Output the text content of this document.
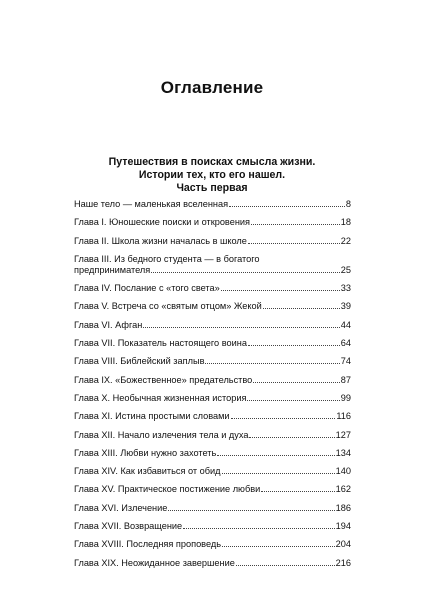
Оглавление
Путешествия в поисках смысла жизни.
Истории тех, кто его нашел.
Часть первая
Наше тело — маленькая вселенная	8
Глава I. Юношеские поиски и откровения	18
Глава II. Школа жизни началась в школе	22
Глава III. Из бедного студента — в богатого
предпринимателя	25
Глава IV. Послание с «того света»	33
Глава V. Встреча со «святым отцом» Жекой	39
Глава VI. Афган	44
Глава VII. Показатель настоящего воина	64
Глава VIII. Библейский заплыв	74
Глава IX. «Божественное» предательство	87
Глава X. Необычная жизненная история	99
Глава XI. Истина простыми словами	116
Глава XII. Начало излечения тела и духа	127
Глава XIII. Любви нужно захотеть	134
Глава XIV. Как избавиться от обид	140
Глава XV. Практическое постижение любви	162
Глава XVI. Излечение	186
Глава XVII. Возвращение	194
Глава XVIII. Последняя проповедь	204
Глава XIX. Неожиданное завершение	216
